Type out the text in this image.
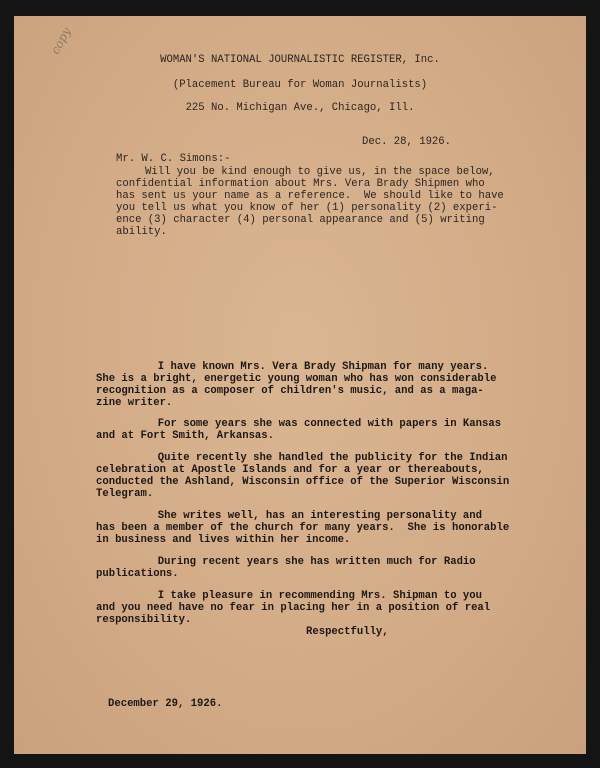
copy
WOMAN'S NATIONAL JOURNALISTIC REGISTER, Inc.
(Placement Bureau for Woman Journalists)
225 No. Michigan Ave., Chicago, Ill.
Dec. 28, 1926.
Mr. W. C. Simons:-
Will you be kind enough to give us, in the space below,
confidential information about Mrs. Vera Brady Shipmen who
has sent us your name as a reference.  We should like to have
you tell us what you know of her (1) personality (2) experi-
ence (3) character (4) personal appearance and (5) writing
ability.
I have known Mrs. Vera Brady Shipman for many years.
She is a bright, energetic young woman who has won considerable
recognition as a composer of children's music, and as a maga-
zine writer.
For some years she was connected with papers in Kansas
and at Fort Smith, Arkansas.
Quite recently she handled the publicity for the Indian
celebration at Apostle Islands and for a year or thereabouts,
conducted the Ashland, Wisconsin office of the Superior Wisconsin
Telegram.
She writes well, has an interesting personality and
has been a member of the church for many years.  She is honorable
in business and lives within her income.
During recent years she has written much for Radio
publications.
I take pleasure in recommending Mrs. Shipman to you
and you need have no fear in placing her in a position of real
responsibility.
Respectfully,
December 29, 1926.
